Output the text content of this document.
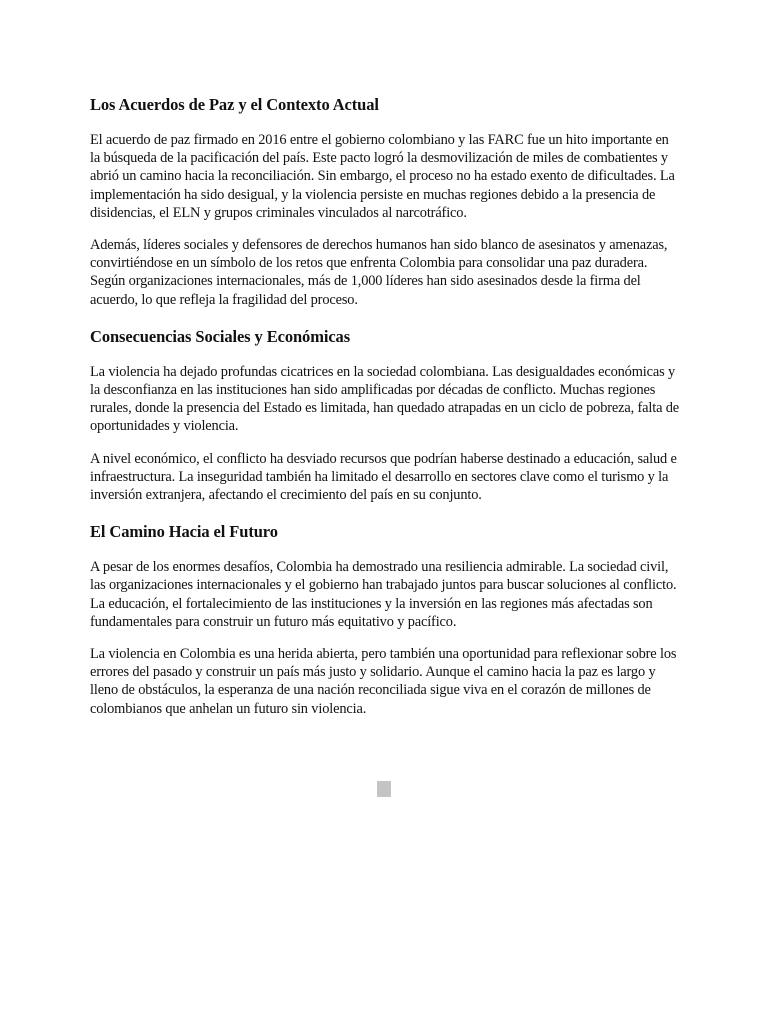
Los Acuerdos de Paz y el Contexto Actual

El acuerdo de paz firmado en 2016 entre el gobierno colombiano y las FARC fue un hito importante en la búsqueda de la pacificación del país. Este pacto logró la desmovilización de miles de combatientes y abrió un camino hacia la reconciliación. Sin embargo, el proceso no ha estado exento de dificultades. La implementación ha sido desigual, y la violencia persiste en muchas regiones debido a la presencia de disidencias, el ELN y grupos criminales vinculados al narcotráfico.

Además, líderes sociales y defensores de derechos humanos han sido blanco de asesinatos y amenazas, convirtiéndose en un símbolo de los retos que enfrenta Colombia para consolidar una paz duradera. Según organizaciones internacionales, más de 1,000 líderes han sido asesinados desde la firma del acuerdo, lo que refleja la fragilidad del proceso.

Consecuencias Sociales y Económicas

La violencia ha dejado profundas cicatrices en la sociedad colombiana. Las desigualdades económicas y la desconfianza en las instituciones han sido amplificadas por décadas de conflicto. Muchas regiones rurales, donde la presencia del Estado es limitada, han quedado atrapadas en un ciclo de pobreza, falta de oportunidades y violencia.

A nivel económico, el conflicto ha desviado recursos que podrían haberse destinado a educación, salud e infraestructura. La inseguridad también ha limitado el desarrollo en sectores clave como el turismo y la inversión extranjera, afectando el crecimiento del país en su conjunto.

El Camino Hacia el Futuro

A pesar de los enormes desafíos, Colombia ha demostrado una resiliencia admirable. La sociedad civil, las organizaciones internacionales y el gobierno han trabajado juntos para buscar soluciones al conflicto. La educación, el fortalecimiento de las instituciones y la inversión en las regiones más afectadas son fundamentales para construir un futuro más equitativo y pacífico.

La violencia en Colombia es una herida abierta, pero también una oportunidad para reflexionar sobre los errores del pasado y construir un país más justo y solidario. Aunque el camino hacia la paz es largo y lleno de obstáculos, la esperanza de una nación reconciliada sigue viva en el corazón de millones de colombianos que anhelan un futuro sin violencia.
